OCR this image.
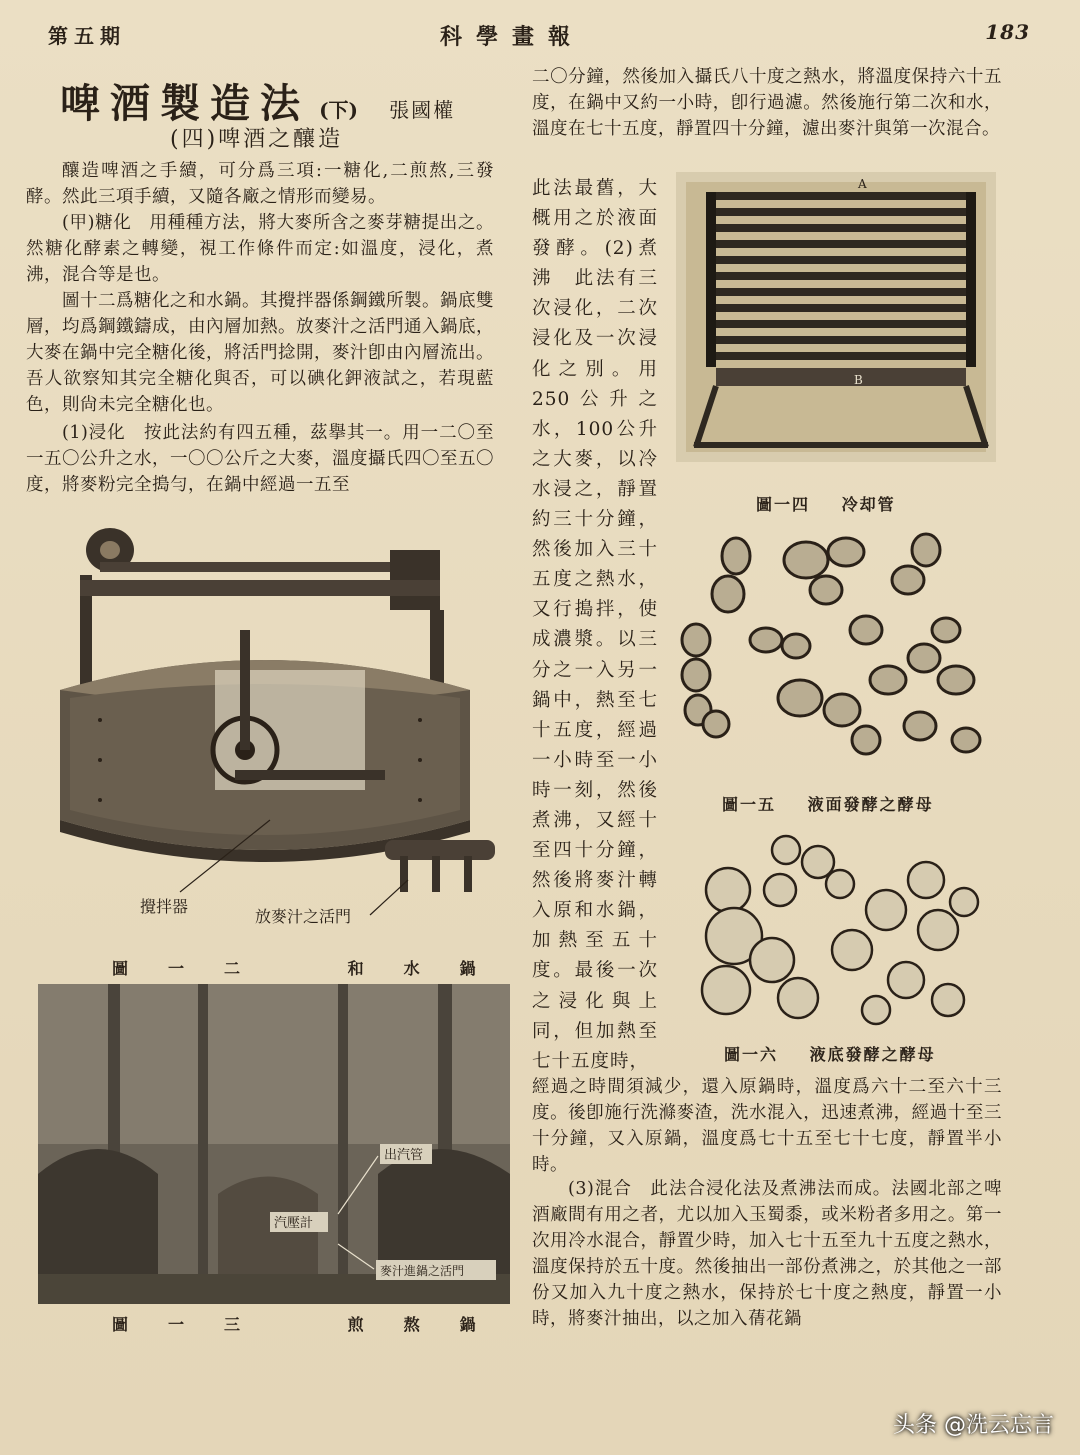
第五期	科學畫報	183
啤酒製造法 (下) 張國權
(四)啤酒之釀造

釀造啤酒之手續，可分爲三項:一糖化,二煎熬,三發酵。然此三項手續，又隨各廠之情形而變易。

(甲)糖化　用種種方法，將大麥所含之麥芽糖提出之。然糖化酵素之轉變，視工作條件而定:如溫度，浸化，煮沸，混合等是也。

圖十二爲糖化之和水鍋。其攪拌器係鋼鐵所製。鍋底雙層，均爲鋼鐵鑄成，由內層加熱。放麥汁之活門通入鍋底，大麥在鍋中完全糖化後，將活門捻開，麥汁卽由內層流出。吾人欲察知其完全糖化與否，可以碘化鉀液試之，若現藍色，則尙未完全糖化也。

(1)浸化　按此法約有四五種，茲擧其一。用一二〇至一五〇公升之水，一〇〇公斤之大麥，溫度攝氏四〇至五〇度，將麥粉完全搗勻，在鍋中經過一五至

二〇分鐘，然後加入攝氏八十度之熱水，將溫度保持六十五度，在鍋中又約一小時，卽行過濾。然後施行第二次和水，溫度在七十五度，靜置四十分鐘，濾出麥汁與第一次混合。

此法最舊，大概用之於液面發酵。(2)煮沸　此法有三次浸化，二次浸化及一次浸化之別。用250公升之水，100公升之大麥，以冷水浸之，靜置約三十分鐘，然後加入三十五度之熱水，又行搗拌，使成濃漿。以三分之一入另一鍋中，熱至七十五度，經過一小時至一小時一刻，然後煮沸，又經十至四十分鐘，然後將麥汁轉入原和水鍋，加熱至五十度。最後一次之浸化與上同，但加熱至七十五度時，

經過之時間須減少，還入原鍋時，溫度爲六十二至六十三度。後卽施行洗滌麥渣，洗水混入，迅速煮沸，經過十至三十分鐘，又入原鍋，溫度爲七十五至七十七度，靜置半小時。

(3)混合　此法合浸化法及煮沸法而成。法國北部之啤酒廠間有用之者，尤以加入玉蜀黍，或米粉者多用之。第一次用冷水混合，靜置少時，加入七十五至九十五度之熱水，溫度保持於五十度。然後抽出一部份煮沸之，於其他之一部份又加入九十度之熱水，保持於七十度之熱度，靜置一小時，將麥汁抽出，以之加入蒨花鍋

攪拌器
放麥汁之活門
圖一二	和水鍋
出汽管
汽壓計
麥汁進鍋之活門
圖一三	煎熬鍋
A
B
圖一四 冷却管
圖一五 液面發酵之酵母
圖一六 液底發酵之酵母
头条 @洗云忘言
